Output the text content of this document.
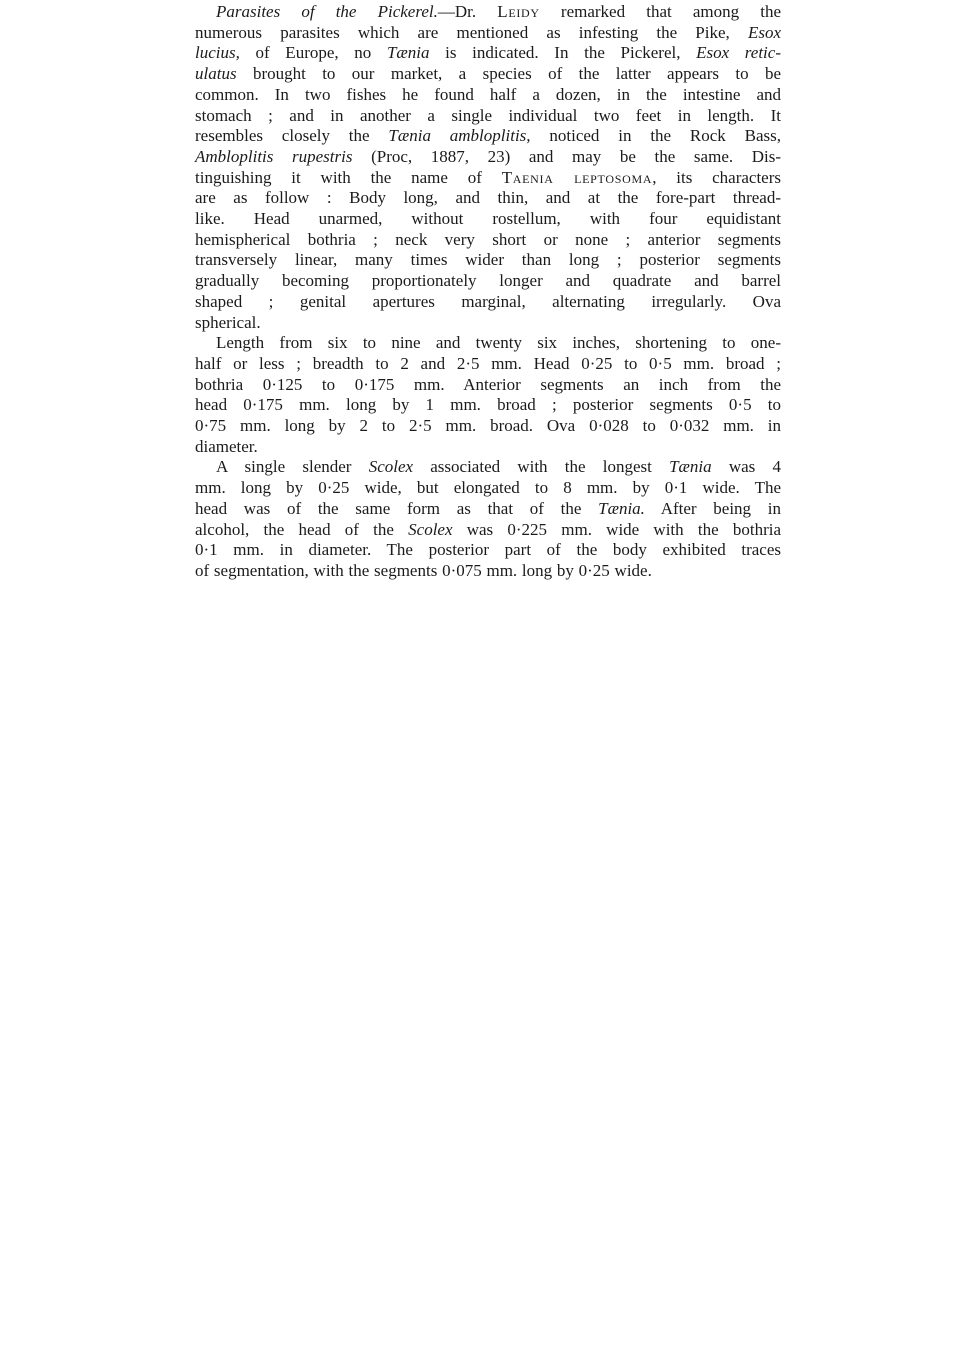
Parasites of the Pickerel.—Dr. Leidy remarked that among the
numerous parasites which are mentioned as infesting the Pike, Esox
lucius, of Europe, no Tænia is indicated. In the Pickerel, Esox retic-
ulatus brought to our market, a species of the latter appears to be
common. In two fishes he found half a dozen, in the intestine and
stomach ; and in another a single individual two feet in length. It
resembles closely the Tænia ambloplitis, noticed in the Rock Bass,
Ambloplitis rupestris (Proc, 1887, 23) and may be the same. Dis-
tinguishing it with the name of Taenia leptosoma, its characters
are as follow : Body long, and thin, and at the fore-part thread-
like. Head unarmed, without rostellum, with four equidistant
hemispherical bothria ; neck very short or none ; anterior segments
transversely linear, many times wider than long ; posterior segments
gradually becoming proportionately longer and quadrate and barrel
shaped ; genital apertures marginal, alternating irregularly. Ova
spherical.
Length from six to nine and twenty six inches, shortening to one-
half or less ; breadth to 2 and 2·5 mm. Head 0·25 to 0·5 mm. broad ;
bothria 0·125 to 0·175 mm. Anterior segments an inch from the
head 0·175 mm. long by 1 mm. broad ; posterior segments 0·5 to
0·75 mm. long by 2 to 2·5 mm. broad. Ova 0·028 to 0·032 mm. in
diameter.
A single slender Scolex associated with the longest Tænia was 4
mm. long by 0·25 wide, but elongated to 8 mm. by 0·1 wide. The
head was of the same form as that of the Tænia. After being in
alcohol, the head of the Scolex was 0·225 mm. wide with the bothria
0·1 mm. in diameter. The posterior part of the body exhibited traces
of segmentation, with the segments 0·075 mm. long by 0·25 wide.
